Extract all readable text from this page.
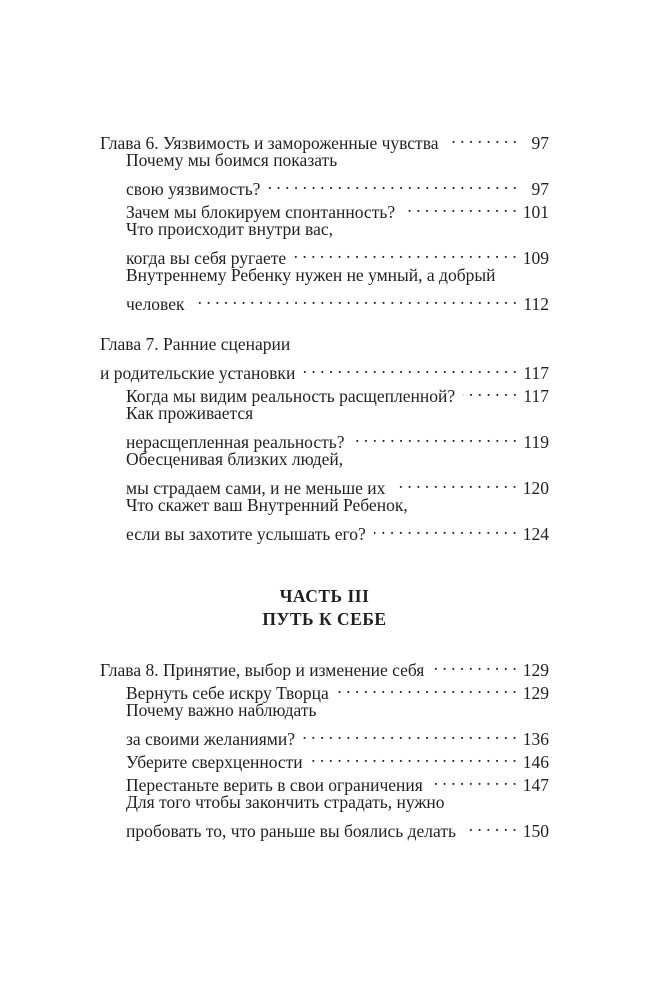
Глава 6. Уязвимость и замороженные чувства . . .	97
Почему мы боимся показать
свою уязвимость? . . .	97
Зачем мы блокируем спонтанность? . . .	101
Что происходит внутри вас,
когда вы себя ругаете . . .	109
Внутреннему Ребенку нужен не умный, а добрый
человек . . .	112
Глава 7. Ранние сценарии
и родительские установки . . .	117
Когда мы видим реальность расщепленной? . . .	117
Как проживается
нерасщепленная реальность? . . .	119
Обесценивая близких людей,
мы страдаем сами, и не меньше их . . .	120
Что скажет ваш Внутренний Ребенок,
если вы захотите услышать его? . . .	124
ЧАСТЬ III
ПУТЬ К СЕБЕ
Глава 8. Принятие, выбор и изменение себя . . .	129
Вернуть себе искру Творца . . .	129
Почему важно наблюдать
за своими желаниями? . . .	136
Уберите сверхценности . . .	146
Перестаньте верить в свои ограничения . . .	147
Для того чтобы закончить страдать, нужно
пробовать то, что раньше вы боялись делать . . .	150
